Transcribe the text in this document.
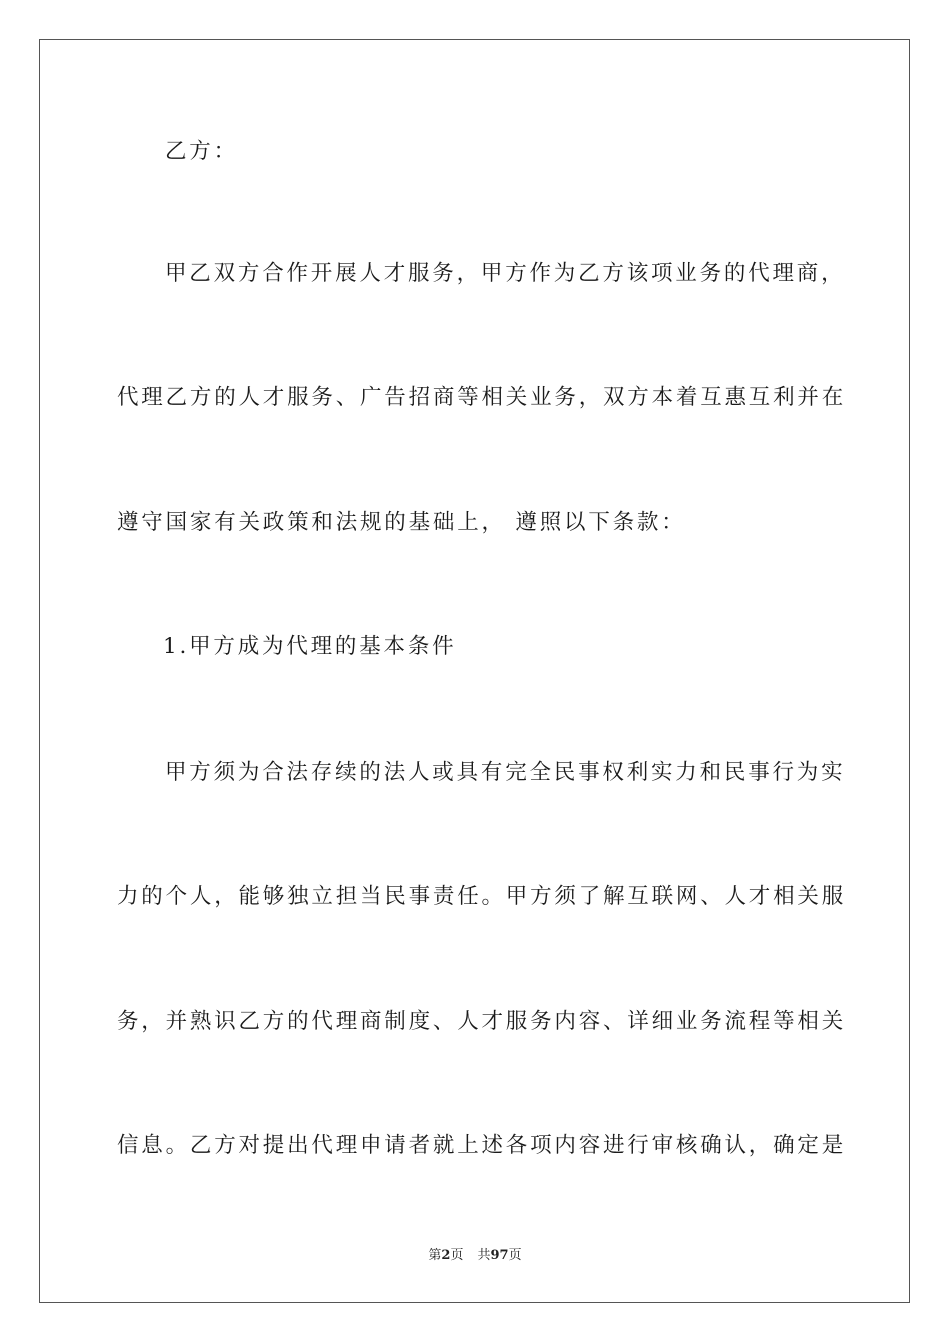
乙方：
甲乙双方合作开展人才服务，甲方作为乙方该项业务的代理商，
代理乙方的人才服务、广告招商等相关业务，双方本着互惠互利并在
遵守国家有关政策和法规的基础上， 遵照以下条款：
1.甲方成为代理的基本条件
甲方须为合法存续的法人或具有完全民事权利实力和民事行为实
力的个人，能够独立担当民事责任。甲方须了解互联网、人才相关服
务，并熟识乙方的代理商制度、人才服务内容、详细业务流程等相关
信息。乙方对提出代理申请者就上述各项内容进行审核确认，确定是
第2页 共97页
